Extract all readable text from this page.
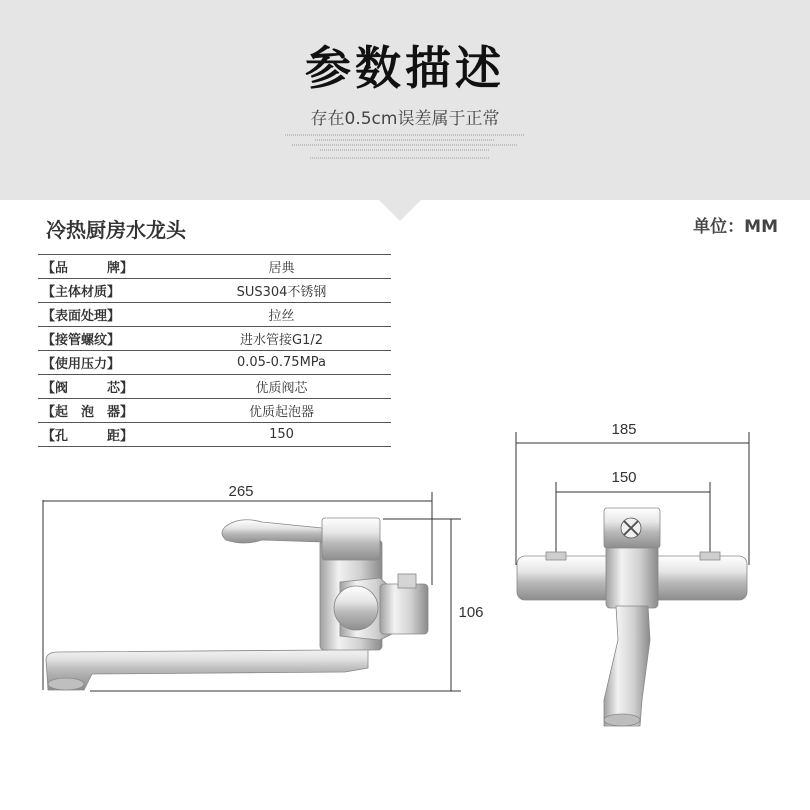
参数描述
存在0.5cm误差属于正常
冷热厨房水龙头	单位：MM
【品　　　牌】	居典
【主体材质】	SUS304不锈钢
【表面处理】	拉丝
【接管螺纹】	进水管接G1/2
【使用压力】	0.05-0.75MPa
【阀　　　芯】	优质阀芯
【起　泡　器】	优质起泡器
【孔　　　距】	150
265
106
185
150
